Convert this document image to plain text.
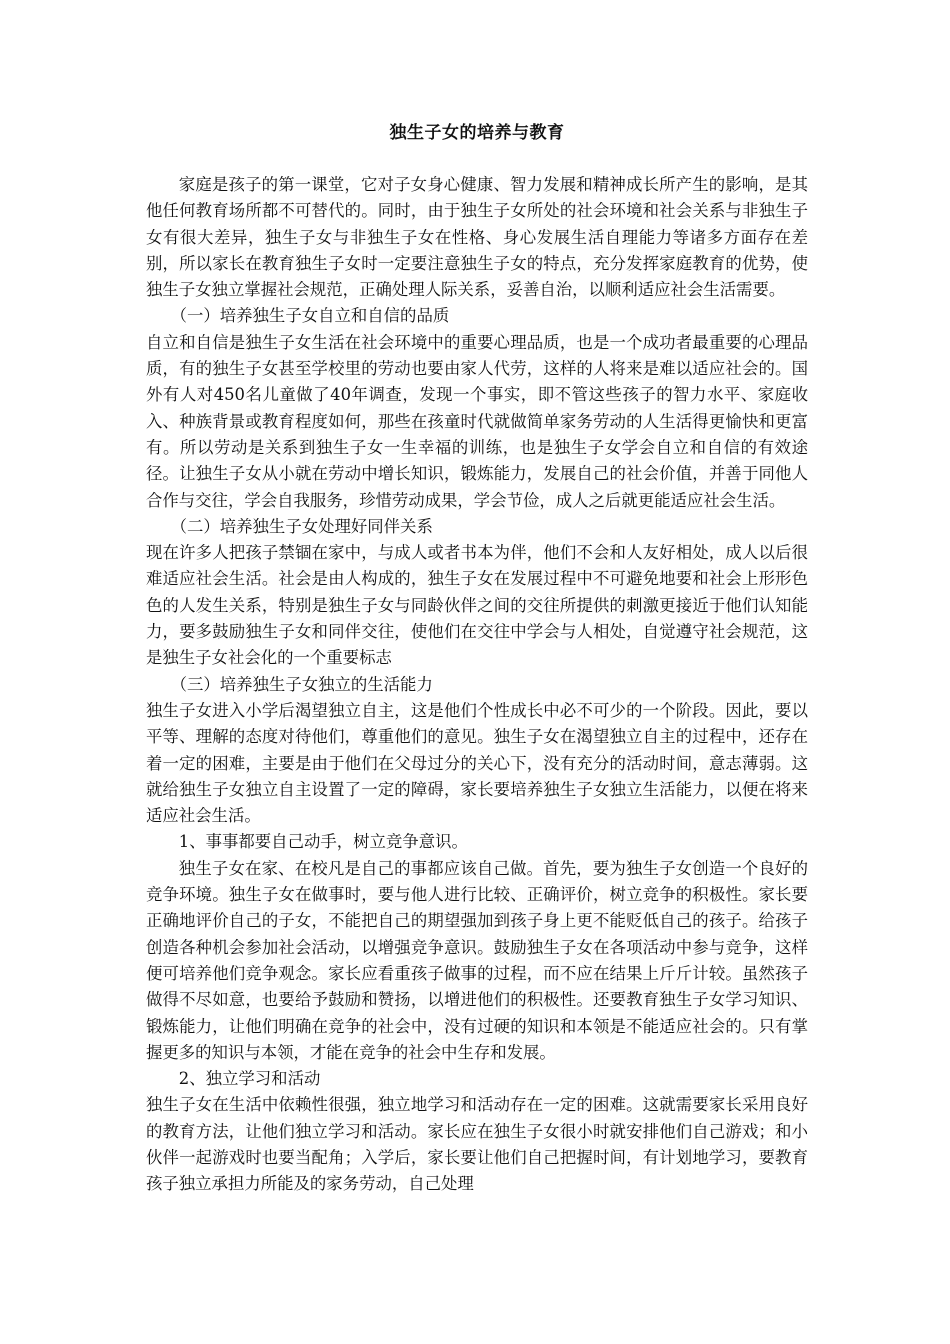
独生子女的培养与教育

家庭是孩子的第一课堂，它对子女身心健康、智力发展和精神成长所产生的影响，是其他任何教育场所都不可替代的。同时，由于独生子女所处的社会环境和社会关系与非独生子女有很大差异，独生子女与非独生子女在性格、身心发展生活自理能力等诸多方面存在差别，所以家长在教育独生子女时一定要注意独生子女的特点，充分发挥家庭教育的优势，使独生子女独立掌握社会规范，正确处理人际关系，妥善自治，以顺利适应社会生活需要。

（一）培养独生子女自立和自信的品质

自立和自信是独生子女生活在社会环境中的重要心理品质，也是一个成功者最重要的心理品质，有的独生子女甚至学校里的劳动也要由家人代劳，这样的人将来是难以适应社会的。国外有人对450名儿童做了40年调查，发现一个事实，即不管这些孩子的智力水平、家庭收入、种族背景或教育程度如何，那些在孩童时代就做简单家务劳动的人生活得更愉快和更富有。所以劳动是关系到独生子女一生幸福的训练，也是独生子女学会自立和自信的有效途径。让独生子女从小就在劳动中增长知识，锻炼能力，发展自己的社会价值，并善于同他人合作与交往，学会自我服务，珍惜劳动成果，学会节俭，成人之后就更能适应社会生活。

（二）培养独生子女处理好同伴关系

现在许多人把孩子禁锢在家中，与成人或者书本为伴，他们不会和人友好相处，成人以后很难适应社会生活。社会是由人构成的，独生子女在发展过程中不可避免地要和社会上形形色色的人发生关系，特别是独生子女与同龄伙伴之间的交往所提供的刺激更接近于他们认知能力，要多鼓励独生子女和同伴交往，使他们在交往中学会与人相处，自觉遵守社会规范，这是独生子女社会化的一个重要标志

（三）培养独生子女独立的生活能力

独生子女进入小学后渴望独立自主，这是他们个性成长中必不可少的一个阶段。因此，要以平等、理解的态度对待他们，尊重他们的意见。独生子女在渴望独立自主的过程中，还存在着一定的困难，主要是由于他们在父母过分的关心下，没有充分的活动时间，意志薄弱。这就给独生子女独立自主设置了一定的障碍，家长要培养独生子女独立生活能力，以便在将来适应社会生活。

1、事事都要自己动手，树立竞争意识。

独生子女在家、在校凡是自己的事都应该自己做。首先，要为独生子女创造一个良好的竞争环境。独生子女在做事时，要与他人进行比较、正确评价，树立竞争的积极性。家长要正确地评价自己的子女，不能把自己的期望强加到孩子身上更不能贬低自己的孩子。给孩子创造各种机会参加社会活动，以增强竞争意识。鼓励独生子女在各项活动中参与竞争，这样便可培养他们竞争观念。家长应看重孩子做事的过程，而不应在结果上斤斤计较。虽然孩子做得不尽如意，也要给予鼓励和赞扬，以增进他们的积极性。还要教育独生子女学习知识、锻炼能力，让他们明确在竞争的社会中，没有过硬的知识和本领是不能适应社会的。只有掌握更多的知识与本领，才能在竞争的社会中生存和发展。

2、独立学习和活动

独生子女在生活中依赖性很强，独立地学习和活动存在一定的困难。这就需要家长采用良好的教育方法，让他们独立学习和活动。家长应在独生子女很小时就安排他们自己游戏；和小伙伴一起游戏时也要当配角；入学后，家长要让他们自己把握时间，有计划地学习，要教育孩子独立承担力所能及的家务劳动，自己处理
